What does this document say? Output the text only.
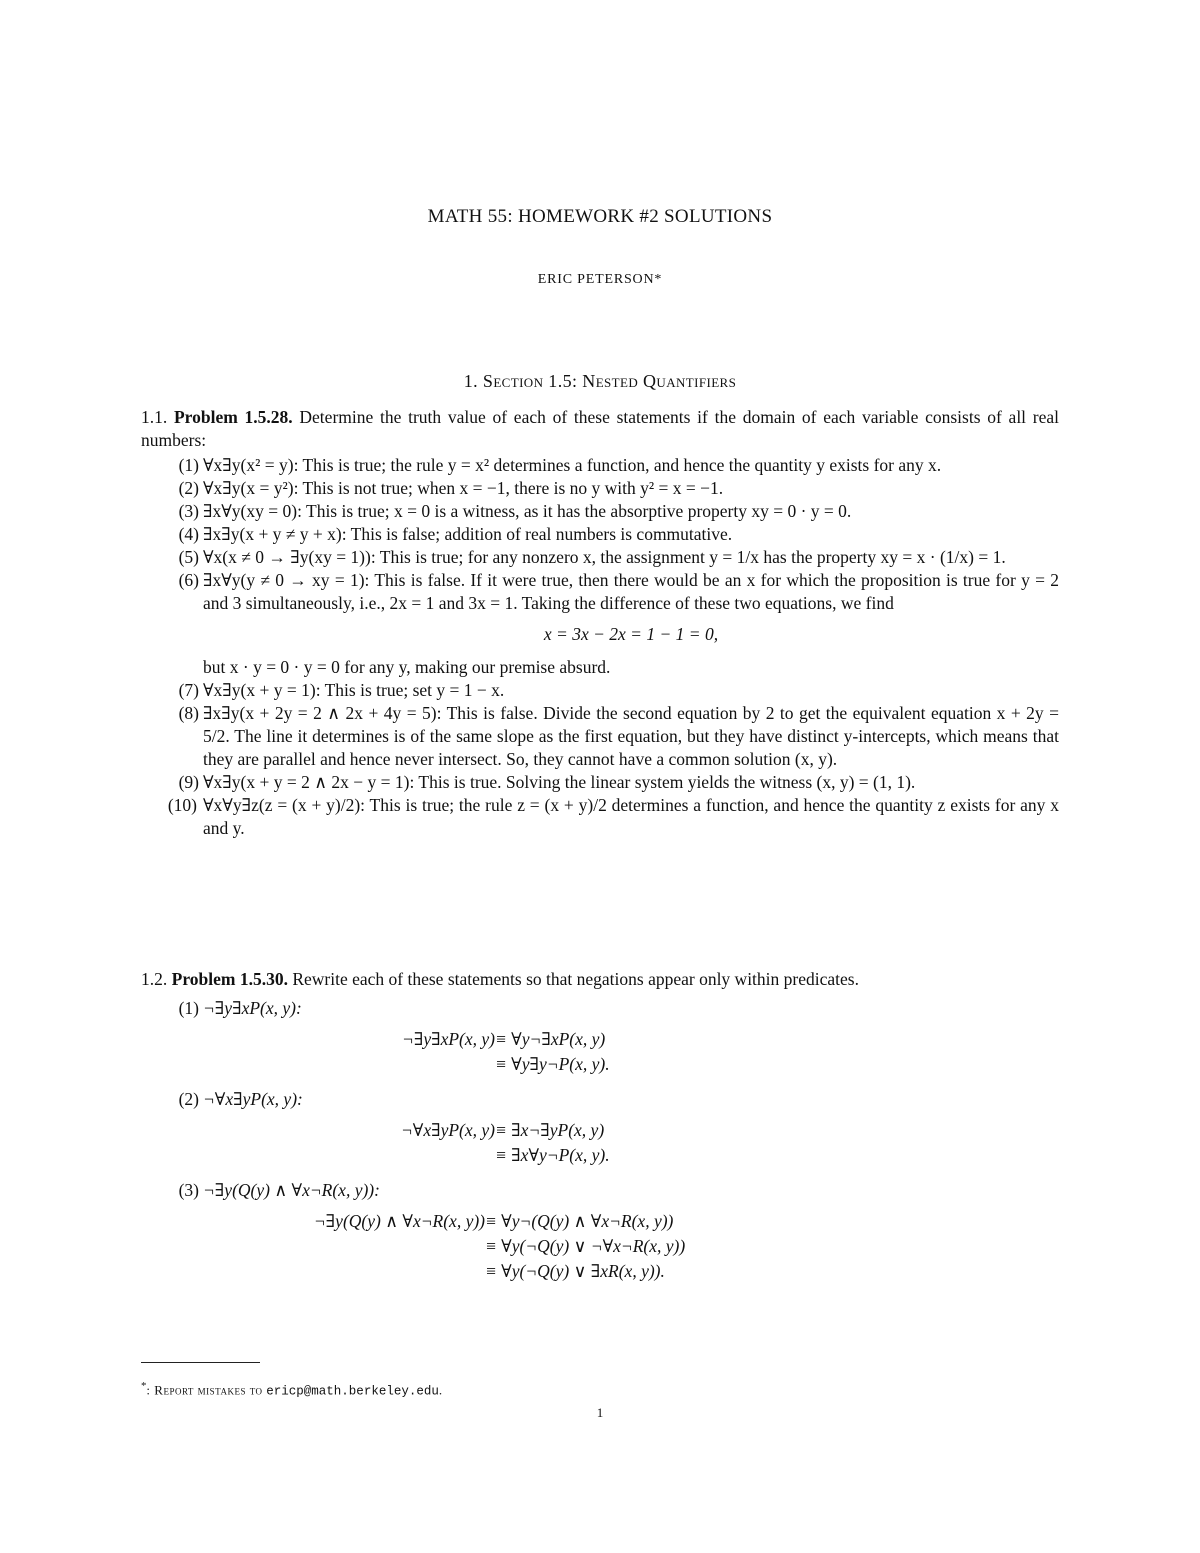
MATH 55: HOMEWORK #2 SOLUTIONS
ERIC PETERSON*
1. Section 1.5: Nested Quantifiers
1.1. Problem 1.5.28. Determine the truth value of each of these statements if the domain of each variable consists of all real numbers:
(1) ∀x∃y(x² = y): This is true; the rule y = x² determines a function, and hence the quantity y exists for any x.
(2) ∀x∃y(x = y²): This is not true; when x = −1, there is no y with y² = x = −1.
(3) ∃x∀y(xy = 0): This is true; x = 0 is a witness, as it has the absorptive property xy = 0 · y = 0.
(4) ∃x∃y(x + y ≠ y + x): This is false; addition of real numbers is commutative.
(5) ∀x(x ≠ 0 → ∃y(xy = 1)): This is true; for any nonzero x, the assignment y = 1/x has the property xy = x · (1/x) = 1.
(6) ∃x∀y(y ≠ 0 → xy = 1): This is false. If it were true, then there would be an x for which the proposition is true for y = 2 and 3 simultaneously, i.e., 2x = 1 and 3x = 1. Taking the difference of these two equations, we find
x = 3x − 2x = 1 − 1 = 0,
but x · y = 0 · y = 0 for any y, making our premise absurd.
(7) ∀x∃y(x + y = 1): This is true; set y = 1 − x.
(8) ∃x∃y(x + 2y = 2 ∧ 2x + 4y = 5): This is false. Divide the second equation by 2 to get the equivalent equation x + 2y = 5/2. The line it determines is of the same slope as the first equation, but they have distinct y-intercepts, which means that they are parallel and hence never intersect. So, they cannot have a common solution (x, y).
(9) ∀x∃y(x + y = 2 ∧ 2x − y = 1): This is true. Solving the linear system yields the witness (x, y) = (1, 1).
(10) ∀x∀y∃z(z = (x + y)/2): This is true; the rule z = (x + y)/2 determines a function, and hence the quantity z exists for any x and y.
1.2. Problem 1.5.30. Rewrite each of these statements so that negations appear only within predicates.
(1) ¬∃y∃xP(x, y):
¬∃y∃xP(x, y) ≡ ∀y¬∃xP(x, y)
≡ ∀y∃y¬P(x, y).
(2) ¬∀x∃yP(x, y):
¬∀x∃yP(x, y) ≡ ∃x¬∃yP(x, y)
≡ ∃x∀y¬P(x, y).
(3) ¬∃y(Q(y) ∧ ∀x¬R(x, y)):
¬∃y(Q(y) ∧ ∀x¬R(x, y)) ≡ ∀y¬(Q(y) ∧ ∀x¬R(x, y))
≡ ∀y(¬Q(y) ∨ ¬∀x¬R(x, y))
≡ ∀y(¬Q(y) ∨ ∃xR(x, y)).
*: Report mistakes to ericp@math.berkeley.edu.
1
